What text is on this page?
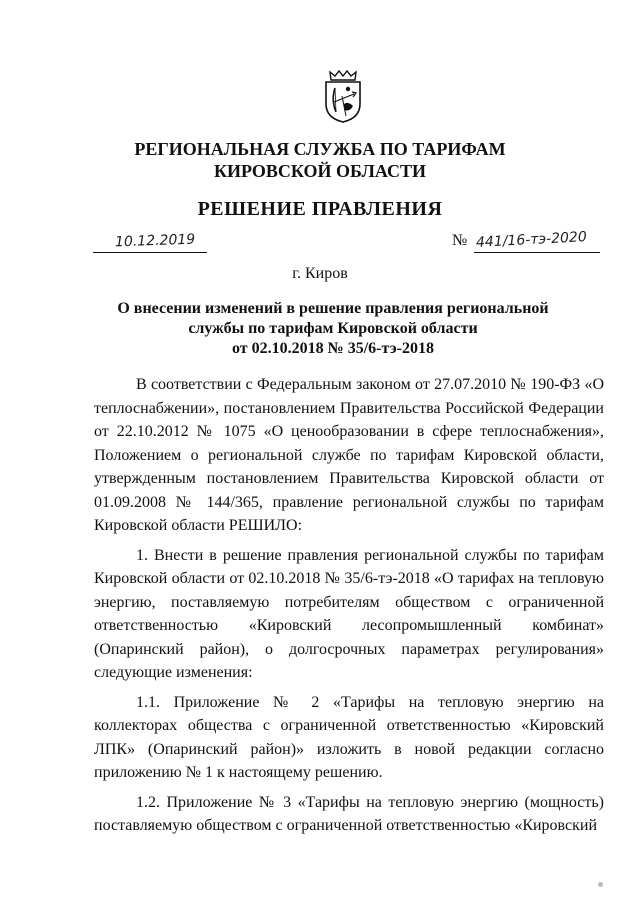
РЕГИОНАЛЬНАЯ СЛУЖБА ПО ТАРИФАМ
КИРОВСКОЙ ОБЛАСТИ
РЕШЕНИЕ ПРАВЛЕНИЯ
10.12.2019	№ 441/16-тэ-2020
г. Киров
О внесении изменений в решение правления региональной
службы по тарифам Кировской области
от 02.10.2018 № 35/6-тэ-2018

В соответствии с Федеральным законом от 27.07.2010 № 190-ФЗ «О теплоснабжении», постановлением Правительства Российской Федерации от 22.10.2012 № 1075 «О ценообразовании в сфере теплоснабжения», Положением о региональной службе по тарифам Кировской области, утвержденным постановлением Правительства Кировской области от 01.09.2008 № 144/365, правление региональной службы по тарифам Кировской области РЕШИЛО:

1. Внести в решение правления региональной службы по тарифам Кировской области от 02.10.2018 № 35/6-тэ-2018 «О тарифах на тепловую энергию, поставляемую потребителям обществом с ограниченной ответственностью «Кировский лесопромышленный комбинат» (Опаринский район), о долгосрочных параметрах регулирования» следующие изменения:

1.1. Приложение № 2 «Тарифы на тепловую энергию на коллекторах общества с ограниченной ответственностью «Кировский ЛПК» (Опаринский район)» изложить в новой редакции согласно приложению № 1 к настоящему решению.

1.2. Приложение № 3 «Тарифы на тепловую энергию (мощность) поставляемую обществом с ограниченной ответственностью «Кировский
